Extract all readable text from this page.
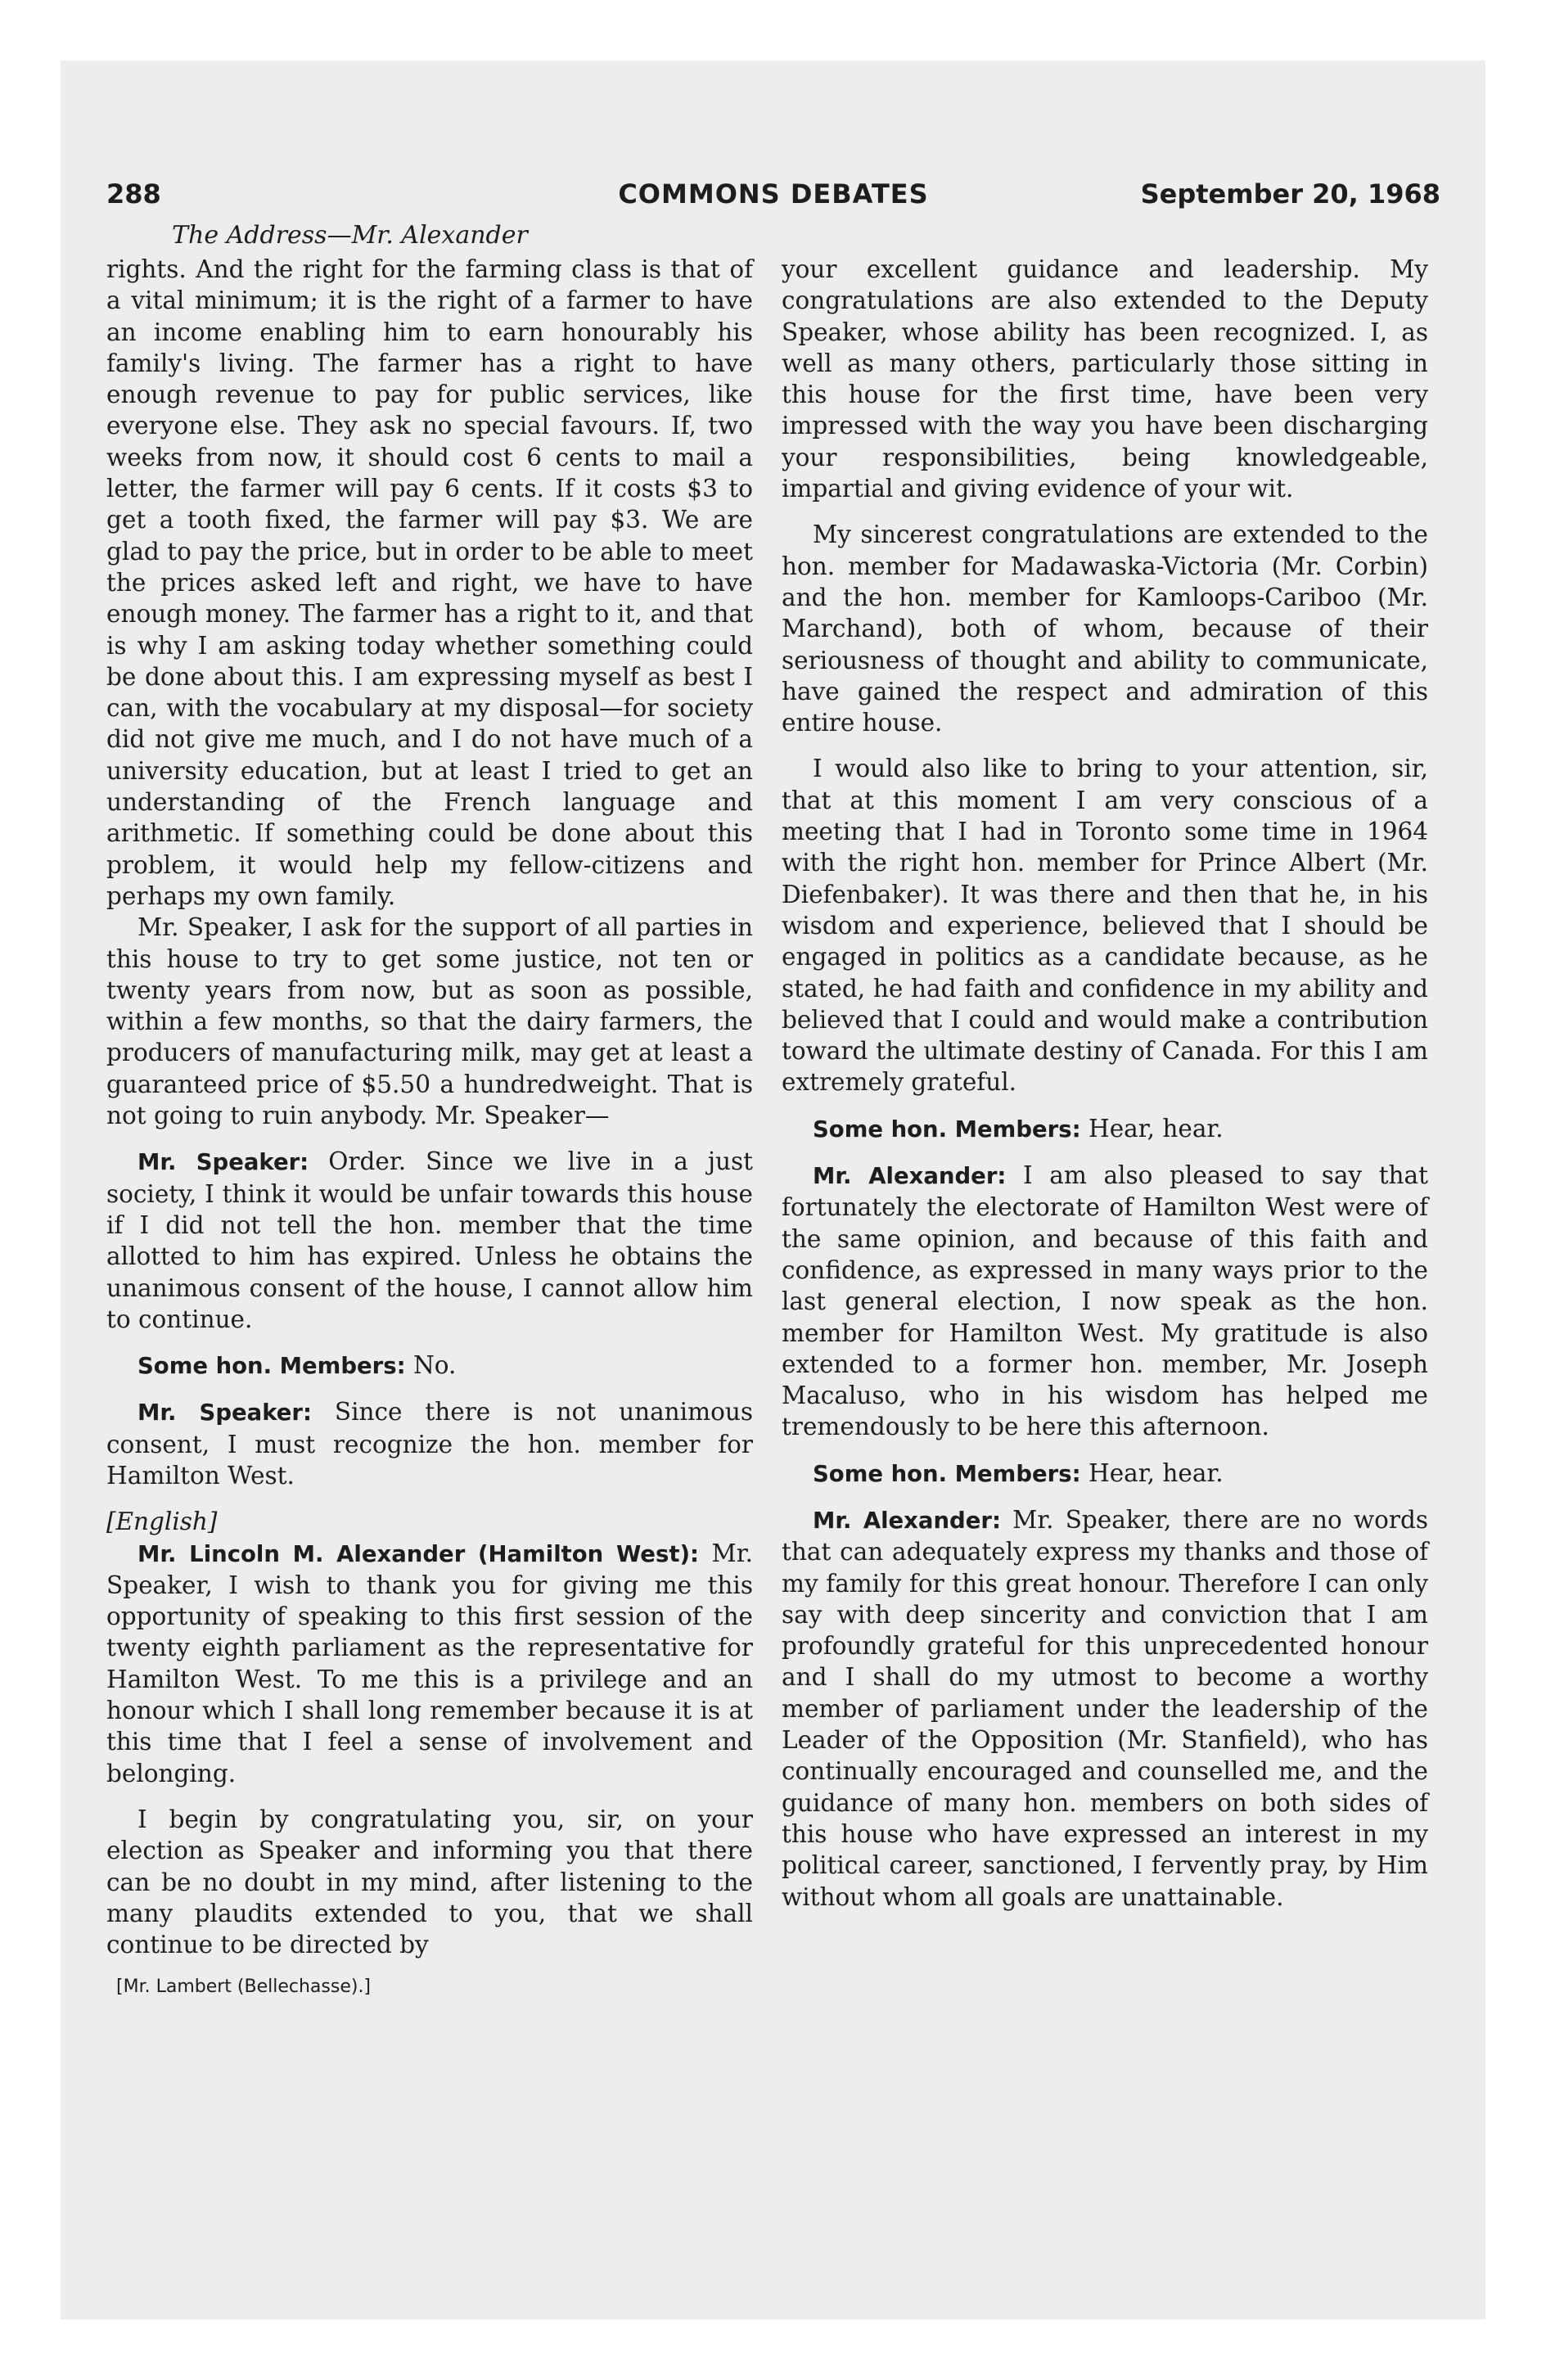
288	COMMONS DEBATES	September 20, 1968
The Address—Mr. Alexander

rights. And the right for the farming class is that of a vital minimum; it is the right of a farmer to have an income enabling him to earn honourably his family's living. The farmer has a right to have enough revenue to pay for public services, like everyone else. They ask no special favours. If, two weeks from now, it should cost 6 cents to mail a letter, the farmer will pay 6 cents. If it costs $3 to get a tooth fixed, the farmer will pay $3. We are glad to pay the price, but in order to be able to meet the prices asked left and right, we have to have enough money. The farmer has a right to it, and that is why I am asking today whether something could be done about this. I am expressing myself as best I can, with the vocabulary at my disposal—for society did not give me much, and I do not have much of a university education, but at least I tried to get an understanding of the French language and arithmetic. If something could be done about this problem, it would help my fellow-citizens and perhaps my own family.

Mr. Speaker, I ask for the support of all parties in this house to try to get some justice, not ten or twenty years from now, but as soon as possible, within a few months, so that the dairy farmers, the producers of manufacturing milk, may get at least a guaranteed price of $5.50 a hundredweight. That is not going to ruin anybody. Mr. Speaker—

Mr. Speaker: Order. Since we live in a just society, I think it would be unfair towards this house if I did not tell the hon. member that the time allotted to him has expired. Unless he obtains the unanimous consent of the house, I cannot allow him to continue.

Some hon. Members: No.

Mr. Speaker: Since there is not unanimous consent, I must recognize the hon. member for Hamilton West.

[English]

Mr. Lincoln M. Alexander (Hamilton West): Mr. Speaker, I wish to thank you for giving me this opportunity of speaking to this first session of the twenty eighth parliament as the representative for Hamilton West. To me this is a privilege and an honour which I shall long remember because it is at this time that I feel a sense of involvement and belonging.

I begin by congratulating you, sir, on your election as Speaker and informing you that there can be no doubt in my mind, after listening to the many plaudits extended to you, that we shall continue to be directed by

[Mr. Lambert (Bellechasse).]

your excellent guidance and leadership. My congratulations are also extended to the Deputy Speaker, whose ability has been recognized. I, as well as many others, particularly those sitting in this house for the first time, have been very impressed with the way you have been discharging your responsibilities, being knowledgeable, impartial and giving evidence of your wit.

My sincerest congratulations are extended to the hon. member for Madawaska-Victoria (Mr. Corbin) and the hon. member for Kamloops-Cariboo (Mr. Marchand), both of whom, because of their seriousness of thought and ability to communicate, have gained the respect and admiration of this entire house.

I would also like to bring to your attention, sir, that at this moment I am very conscious of a meeting that I had in Toronto some time in 1964 with the right hon. member for Prince Albert (Mr. Diefenbaker). It was there and then that he, in his wisdom and experience, believed that I should be engaged in politics as a candidate because, as he stated, he had faith and confidence in my ability and believed that I could and would make a contribution toward the ultimate destiny of Canada. For this I am extremely grateful.

Some hon. Members: Hear, hear.

Mr. Alexander: I am also pleased to say that fortunately the electorate of Hamilton West were of the same opinion, and because of this faith and confidence, as expressed in many ways prior to the last general election, I now speak as the hon. member for Hamilton West. My gratitude is also extended to a former hon. member, Mr. Joseph Macaluso, who in his wisdom has helped me tremendously to be here this afternoon.

Some hon. Members: Hear, hear.

Mr. Alexander: Mr. Speaker, there are no words that can adequately express my thanks and those of my family for this great honour. Therefore I can only say with deep sincerity and conviction that I am profoundly grateful for this unprecedented honour and I shall do my utmost to become a worthy member of parliament under the leadership of the Leader of the Opposition (Mr. Stanfield), who has continually encouraged and counselled me, and the guidance of many hon. members on both sides of this house who have expressed an interest in my political career, sanctioned, I fervently pray, by Him without whom all goals are unattainable.
